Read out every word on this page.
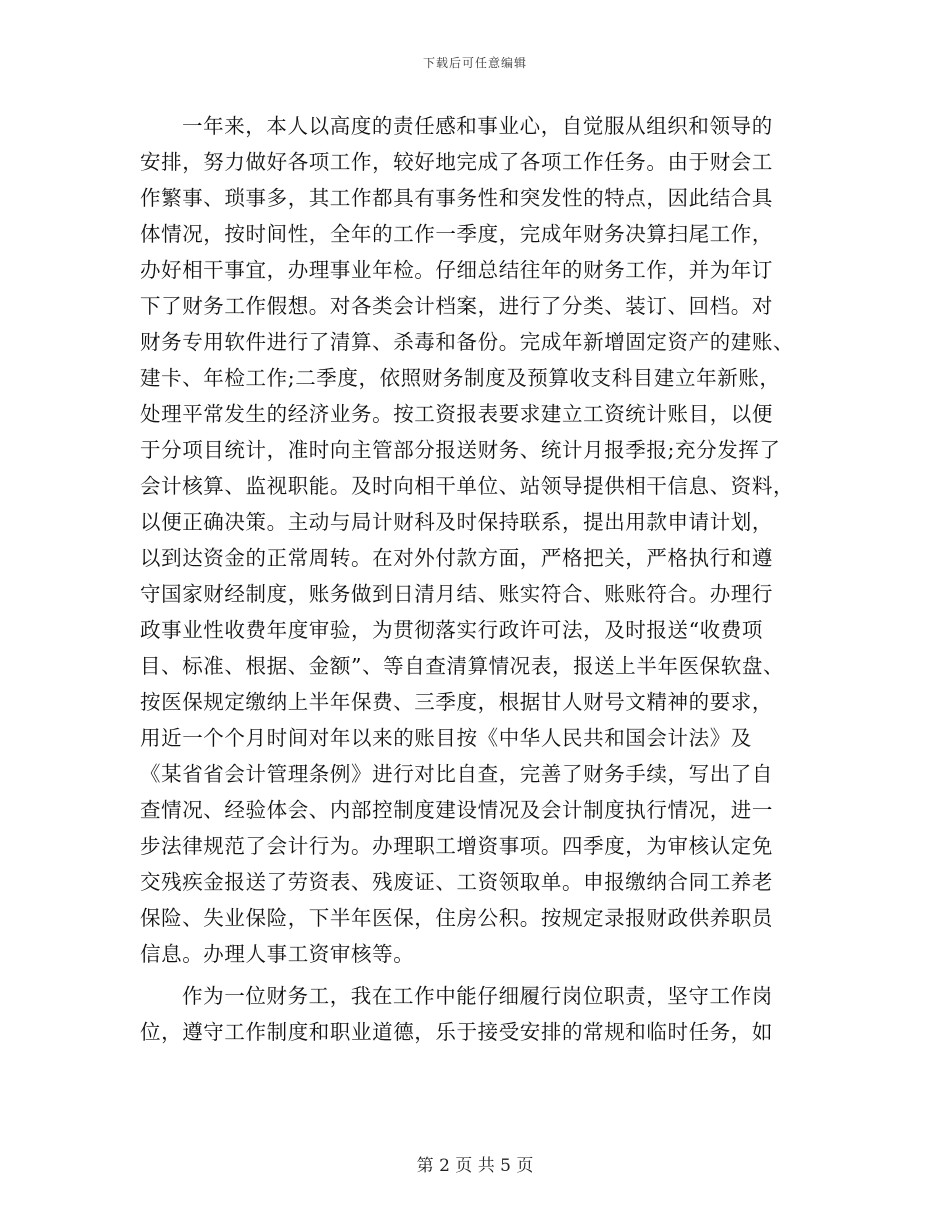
下载后可任意编辑
一年来，本人以高度的责任感和事业心，自觉服从组织和领导的
安排，努力做好各项工作，较好地完成了各项工作任务。由于财会工
作繁事、琐事多，其工作都具有事务性和突发性的特点，因此结合具
体情况，按时间性，全年的工作一季度，完成年财务决算扫尾工作，
办好相干事宜，办理事业年检。仔细总结往年的财务工作，并为年订
下了财务工作假想。对各类会计档案，进行了分类、装订、回档。对
财务专用软件进行了清算、杀毒和备份。完成年新增固定资产的建账、
建卡、年检工作;二季度，依照财务制度及预算收支科目建立年新账，
处理平常发生的经济业务。按工资报表要求建立工资统计账目，以便
于分项目统计，准时向主管部分报送财务、统计月报季报;充分发挥了
会计核算、监视职能。及时向相干单位、站领导提供相干信息、资料，
以便正确决策。主动与局计财科及时保持联系，提出用款申请计划，
以到达资金的正常周转。在对外付款方面，严格把关，严格执行和遵
守国家财经制度，账务做到日清月结、账实符合、账账符合。办理行
政事业性收费年度审验，为贯彻落实行政许可法，及时报送“收费项
目、标准、根据、金额”、等自查清算情况表，报送上半年医保软盘、
按医保规定缴纳上半年保费、三季度，根据甘人财号文精神的要求，
用近一个个月时间对年以来的账目按《中华人民共和国会计法》及
《某省省会计管理条例》进行对比自查，完善了财务手续，写出了自
查情况、经验体会、内部控制度建设情况及会计制度执行情况，进一
步法律规范了会计行为。办理职工增资事项。四季度，为审核认定免
交残疾金报送了劳资表、残废证、工资领取单。申报缴纳合同工养老
保险、失业保险，下半年医保，住房公积。按规定录报财政供养职员
信息。办理人事工资审核等。
作为一位财务工，我在工作中能仔细履行岗位职责，坚守工作岗
位，遵守工作制度和职业道德，乐于接受安排的常规和临时任务，如
第 2 页 共 5 页
